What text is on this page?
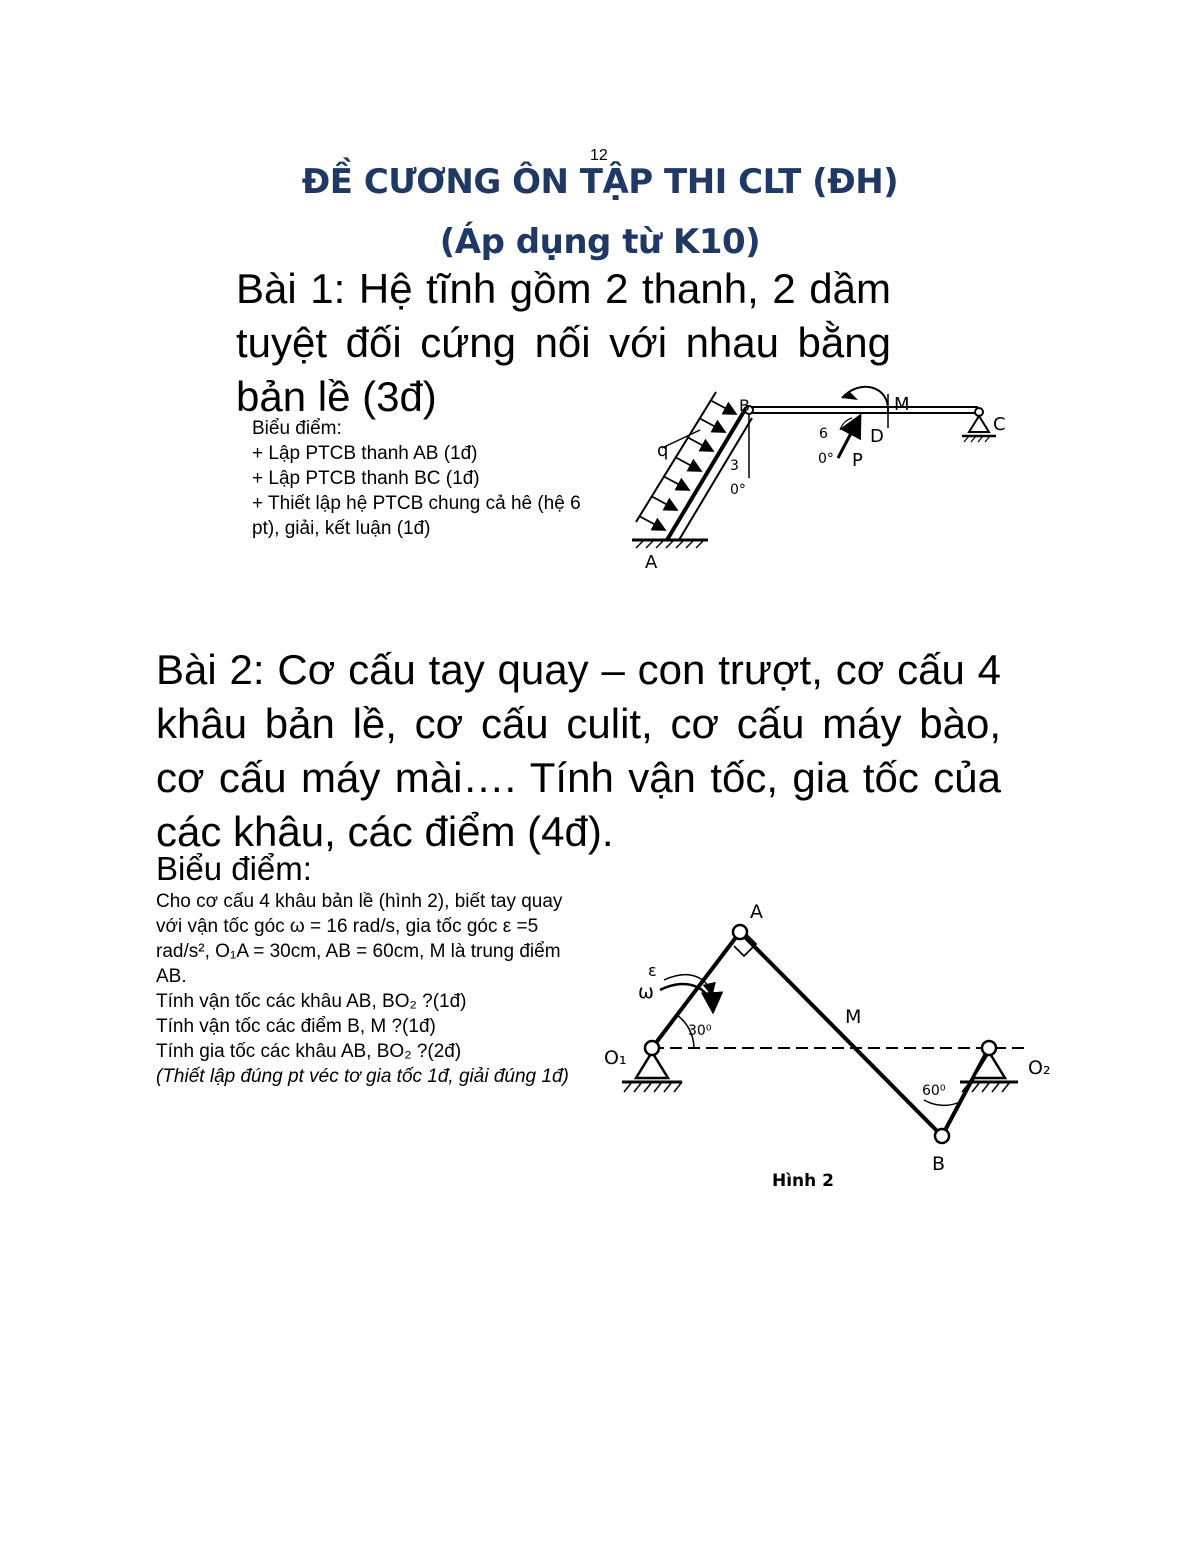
12
ĐỀ CƯƠNG ÔN TẬP THI CLT (ĐH)
(Áp dụng từ K10)
Bài 1: Hệ tĩnh gồm 2 thanh, 2 dầm tuyệt đối cứng nối với nhau bằng bản lề (3đ)
Biểu điểm:
+ Lập PTCB thanh AB (1đ)
+ Lập PTCB thanh BC (1đ)
+ Thiết lập hệ PTCB chung cả hê (hệ 6 pt), giải, kết luận (1đ)
A
B
C
D
M
P
q
3
0°
6
0°
Bài 2: Cơ cấu tay quay – con trượt, cơ cấu 4 khâu bản lề, cơ cấu culit, cơ cấu máy bào, cơ cấu máy mài…. Tính vận tốc, gia tốc của các khâu, các điểm (4đ).
Biểu điểm:
Cho cơ cấu 4 khâu bản lề (hình 2), biết tay quay với vận tốc góc ω = 16 rad/s, gia tốc góc ε =5 rad/s², O₁A = 30cm, AB = 60cm, M là trung điểm AB.
Tính vận tốc các khâu AB, BO₂ ?(1đ)
Tính vận tốc các điểm B, M ?(1đ)
Tính gia tốc các khâu AB, BO₂ ?(2đ)
(Thiết lập đúng pt véc tơ gia tốc 1đ, giải đúng 1đ)
A
B
M
O₁	O₂
ε
ω
30⁰
60⁰
Hình 2
